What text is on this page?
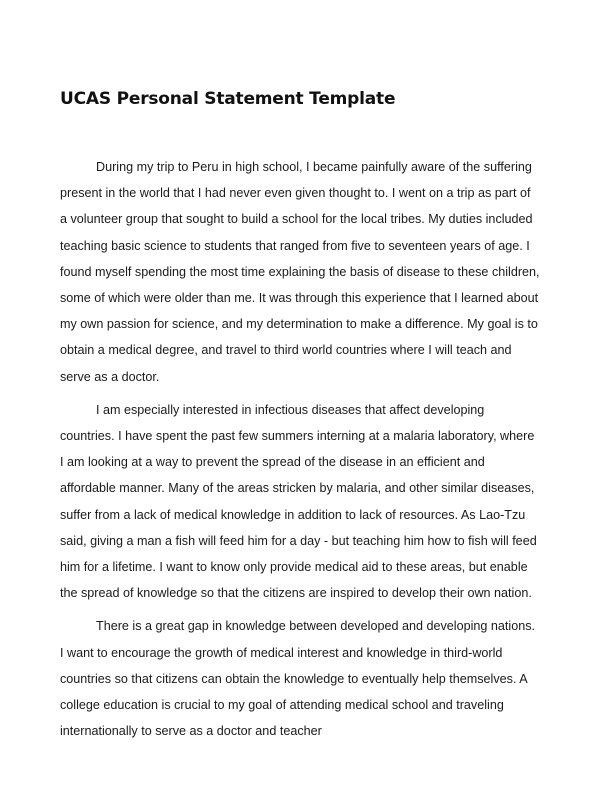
UCAS Personal Statement Template

During my trip to Peru in high school, I became painfully aware of the suffering present in the world that I had never even given thought to. I went on a trip as part of a volunteer group that sought to build a school for the local tribes. My duties included teaching basic science to students that ranged from five to seventeen years of age. I found myself spending the most time explaining the basis of disease to these children, some of which were older than me. It was through this experience that I learned about my own passion for science, and my determination to make a difference. My goal is to obtain a medical degree, and travel to third world countries where I will teach and serve as a doctor.

I am especially interested in infectious diseases that affect developing countries. I have spent the past few summers interning at a malaria laboratory, where I am looking at a way to prevent the spread of the disease in an efficient and affordable manner. Many of the areas stricken by malaria, and other similar diseases, suffer from a lack of medical knowledge in addition to lack of resources. As Lao-Tzu said, giving a man a fish will feed him for a day - but teaching him how to fish will feed him for a lifetime. I want to know only provide medical aid to these areas, but enable the spread of knowledge so that the citizens are inspired to develop their own nation.

There is a great gap in knowledge between developed and developing nations. I want to encourage the growth of medical interest and knowledge in third-world countries so that citizens can obtain the knowledge to eventually help themselves. A college education is crucial to my goal of attending medical school and traveling internationally to serve as a doctor and teacher
